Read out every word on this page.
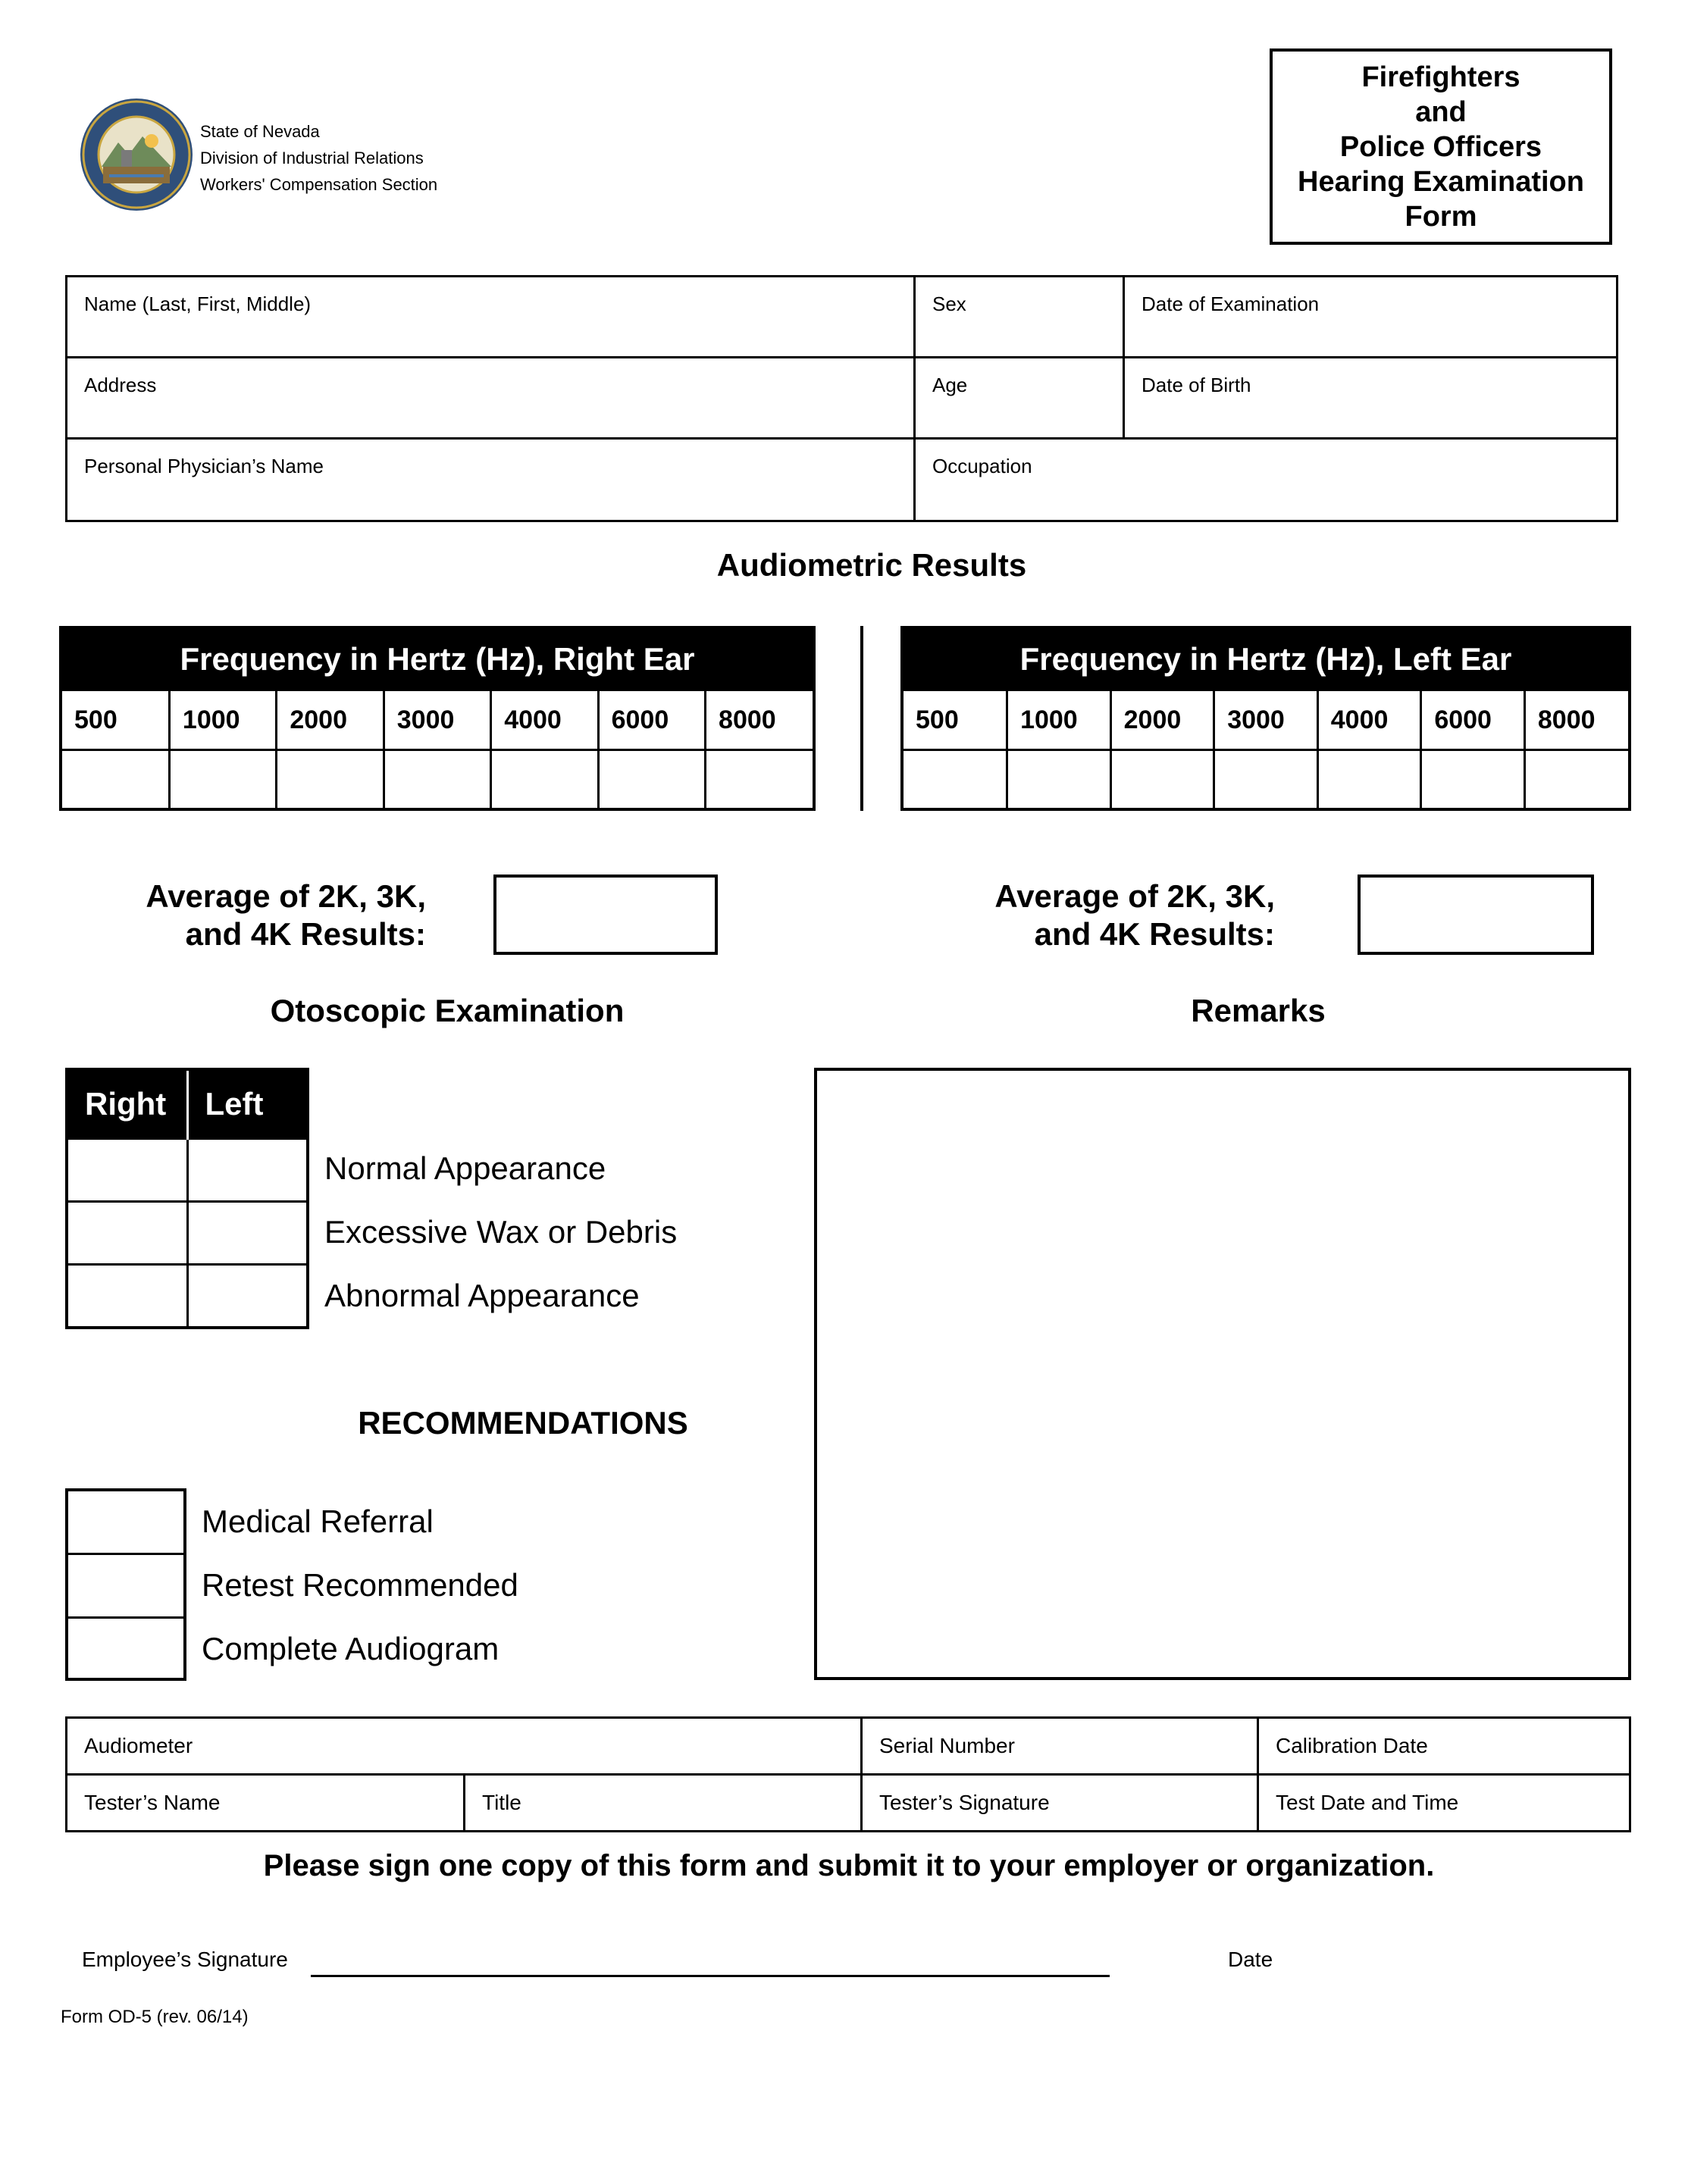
State of Nevada
Division of Industrial Relations
Workers' Compensation Section
Firefighters
and
Police Officers
Hearing Examination
Form
Name (Last, First, Middle)	Sex	Date of Examination
Address	Age	Date of Birth
Personal Physician’s Name	Occupation
Audiometric Results
Frequency in Hertz (Hz), Right Ear
500	1000	2000	3000	4000	6000	8000

Frequency in Hertz (Hz), Left Ear
500	1000	2000	3000	4000	6000	8000

Average of 2K, 3K,
and 4K Results:
Average of 2K, 3K,
and 4K Results:
Otoscopic Examination	Remarks
Right	Left

Normal Appearance
Excessive Wax or Debris
Abnormal Appearance
RECOMMENDATIONS
Medical Referral
Retest Recommended
Complete Audiogram
Audiometer	Serial Number	Calibration Date
Tester’s Name	Title	Tester’s Signature	Test Date and Time
Please sign one copy of this form and submit it to your employer or organization.
Employee’s Signature	Date
Form OD-5 (rev. 06/14)
